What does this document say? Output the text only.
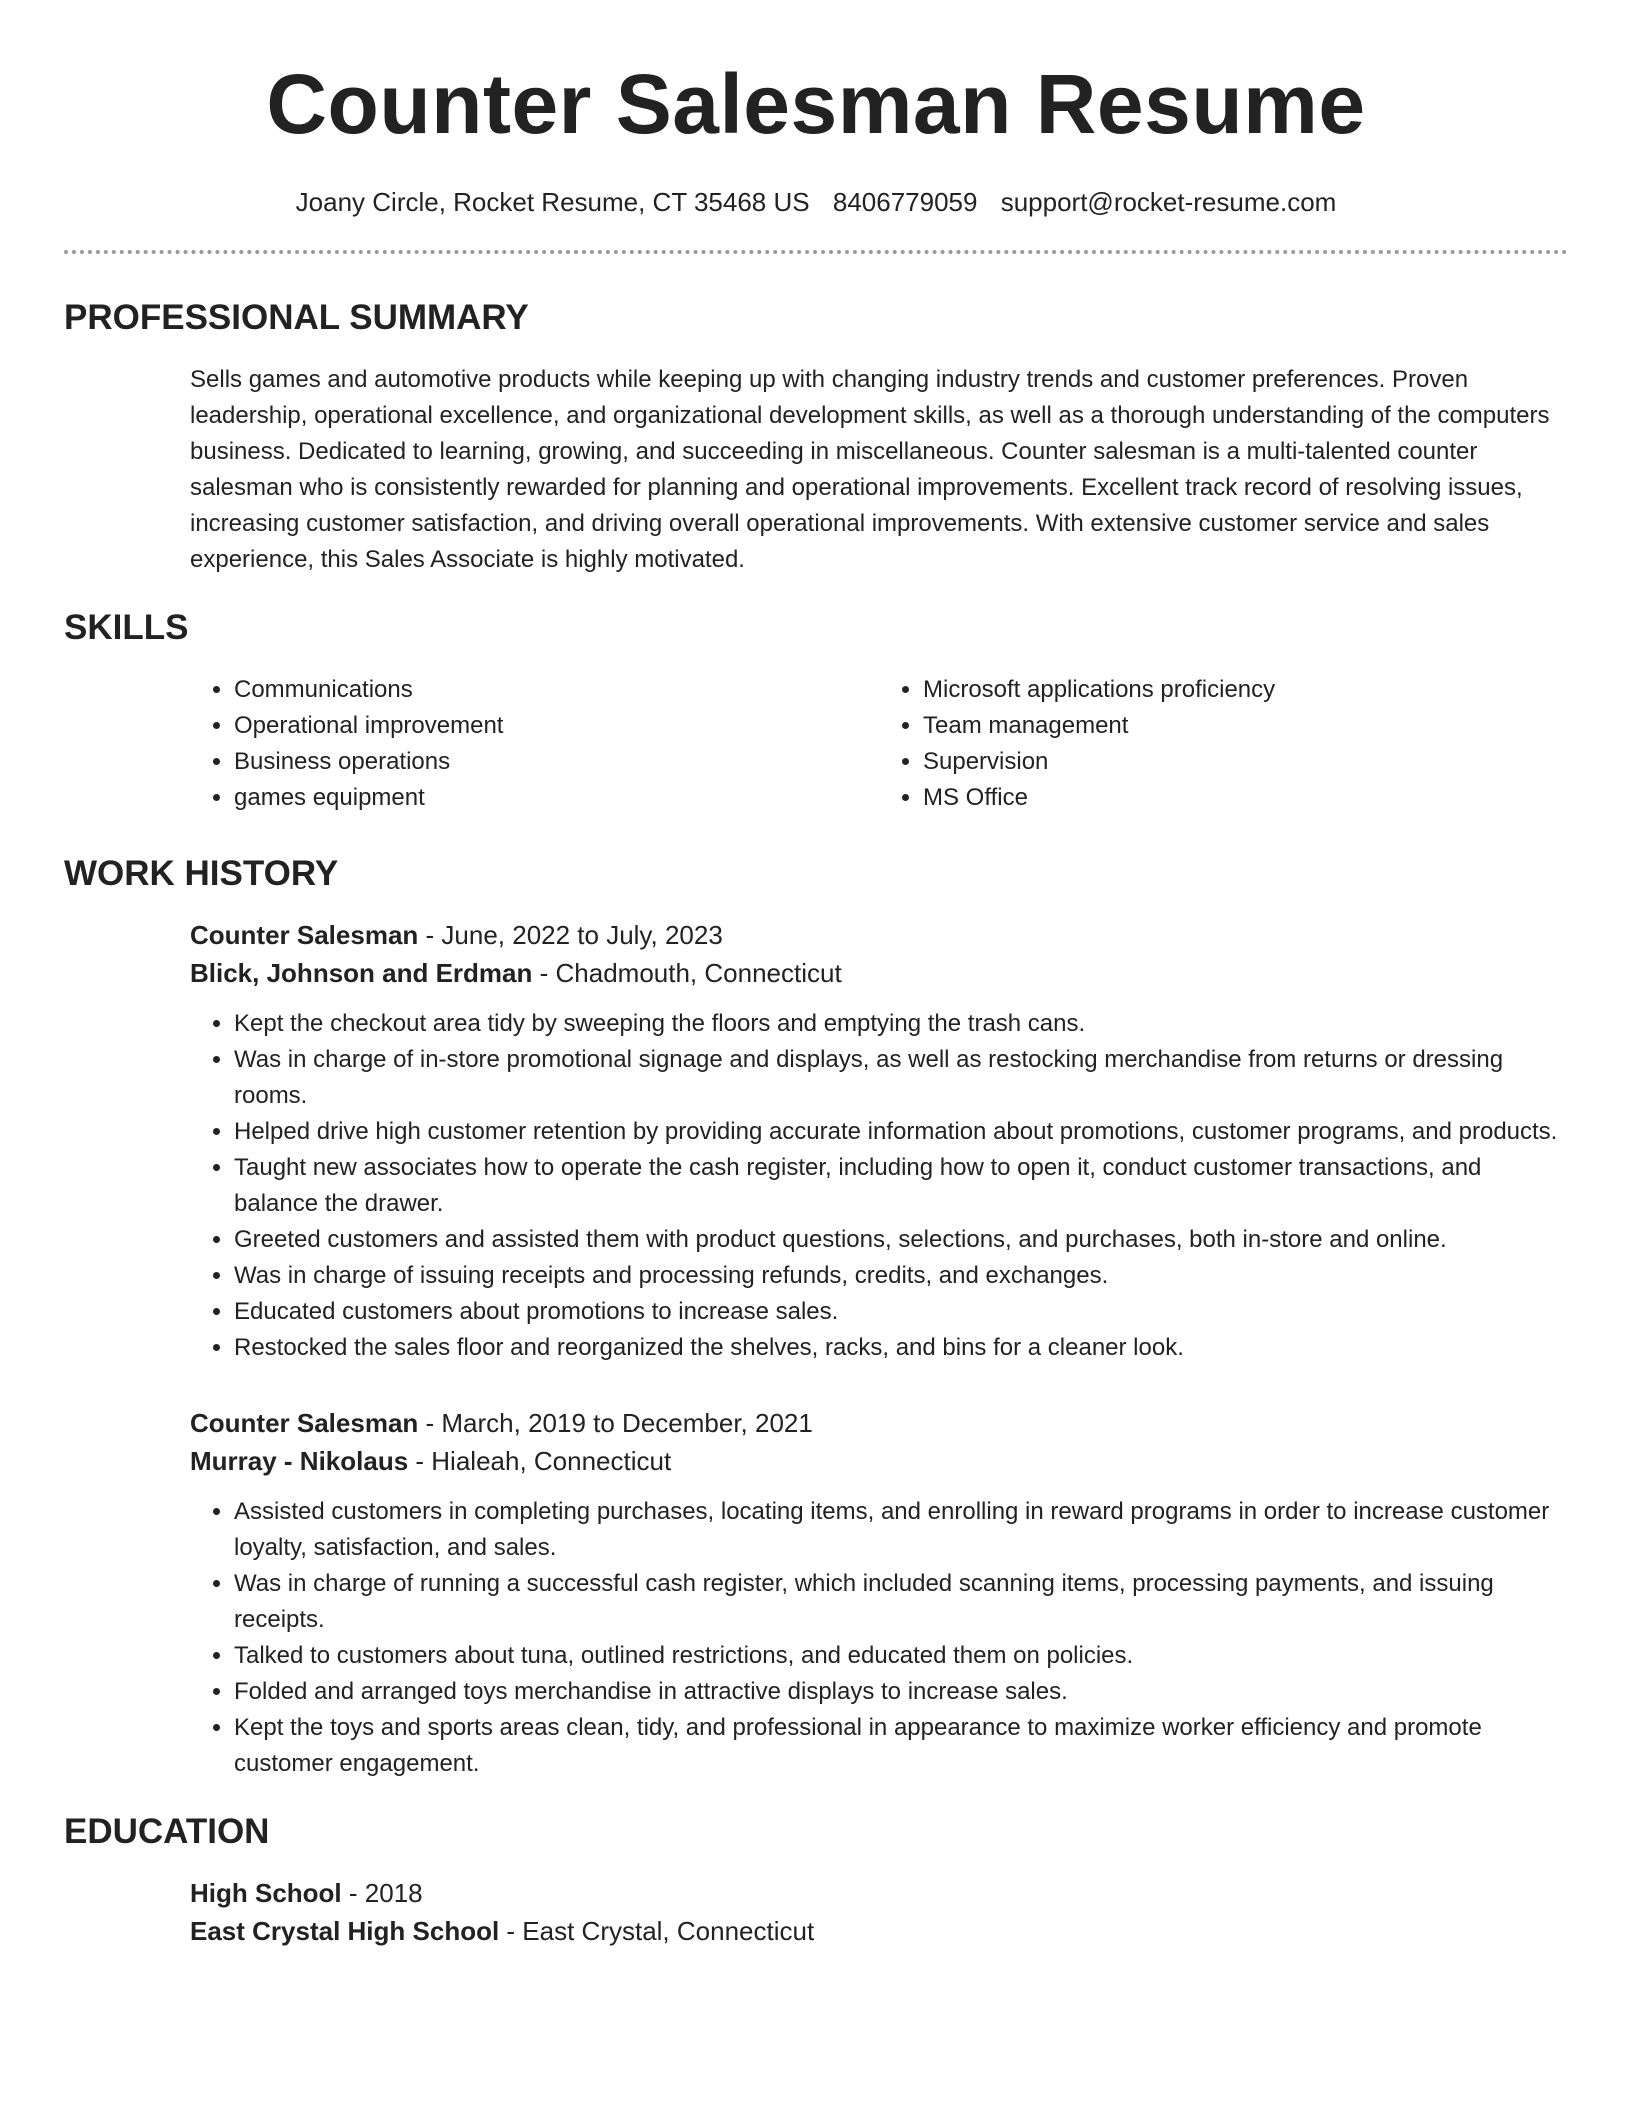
Counter Salesman Resume
Joany Circle, Rocket Resume, CT 35468 US 8406779059 support@rocket-resume.com
PROFESSIONAL SUMMARY
Sells games and automotive products while keeping up with changing industry trends and customer preferences. Proven leadership, operational excellence, and organizational development skills, as well as a thorough understanding of the computers business. Dedicated to learning, growing, and succeeding in miscellaneous. Counter salesman is a multi-talented counter salesman who is consistently rewarded for planning and operational improvements. Excellent track record of resolving issues, increasing customer satisfaction, and driving overall operational improvements. With extensive customer service and sales experience, this Sales Associate is highly motivated.
SKILLS
• Communications
• Operational improvement
• Business operations
• games equipment
• Microsoft applications proficiency
• Team management
• Supervision
• MS Office
WORK HISTORY
Counter Salesman - June, 2022 to July, 2023
Blick, Johnson and Erdman - Chadmouth, Connecticut
• Kept the checkout area tidy by sweeping the floors and emptying the trash cans.
• Was in charge of in-store promotional signage and displays, as well as restocking merchandise from returns or dressing rooms.
• Helped drive high customer retention by providing accurate information about promotions, customer programs, and products.
• Taught new associates how to operate the cash register, including how to open it, conduct customer transactions, and balance the drawer.
• Greeted customers and assisted them with product questions, selections, and purchases, both in-store and online.
• Was in charge of issuing receipts and processing refunds, credits, and exchanges.
• Educated customers about promotions to increase sales.
• Restocked the sales floor and reorganized the shelves, racks, and bins for a cleaner look.
Counter Salesman - March, 2019 to December, 2021
Murray - Nikolaus - Hialeah, Connecticut
• Assisted customers in completing purchases, locating items, and enrolling in reward programs in order to increase customer loyalty, satisfaction, and sales.
• Was in charge of running a successful cash register, which included scanning items, processing payments, and issuing receipts.
• Talked to customers about tuna, outlined restrictions, and educated them on policies.
• Folded and arranged toys merchandise in attractive displays to increase sales.
• Kept the toys and sports areas clean, tidy, and professional in appearance to maximize worker efficiency and promote customer engagement.
EDUCATION
High School - 2018
East Crystal High School - East Crystal, Connecticut
